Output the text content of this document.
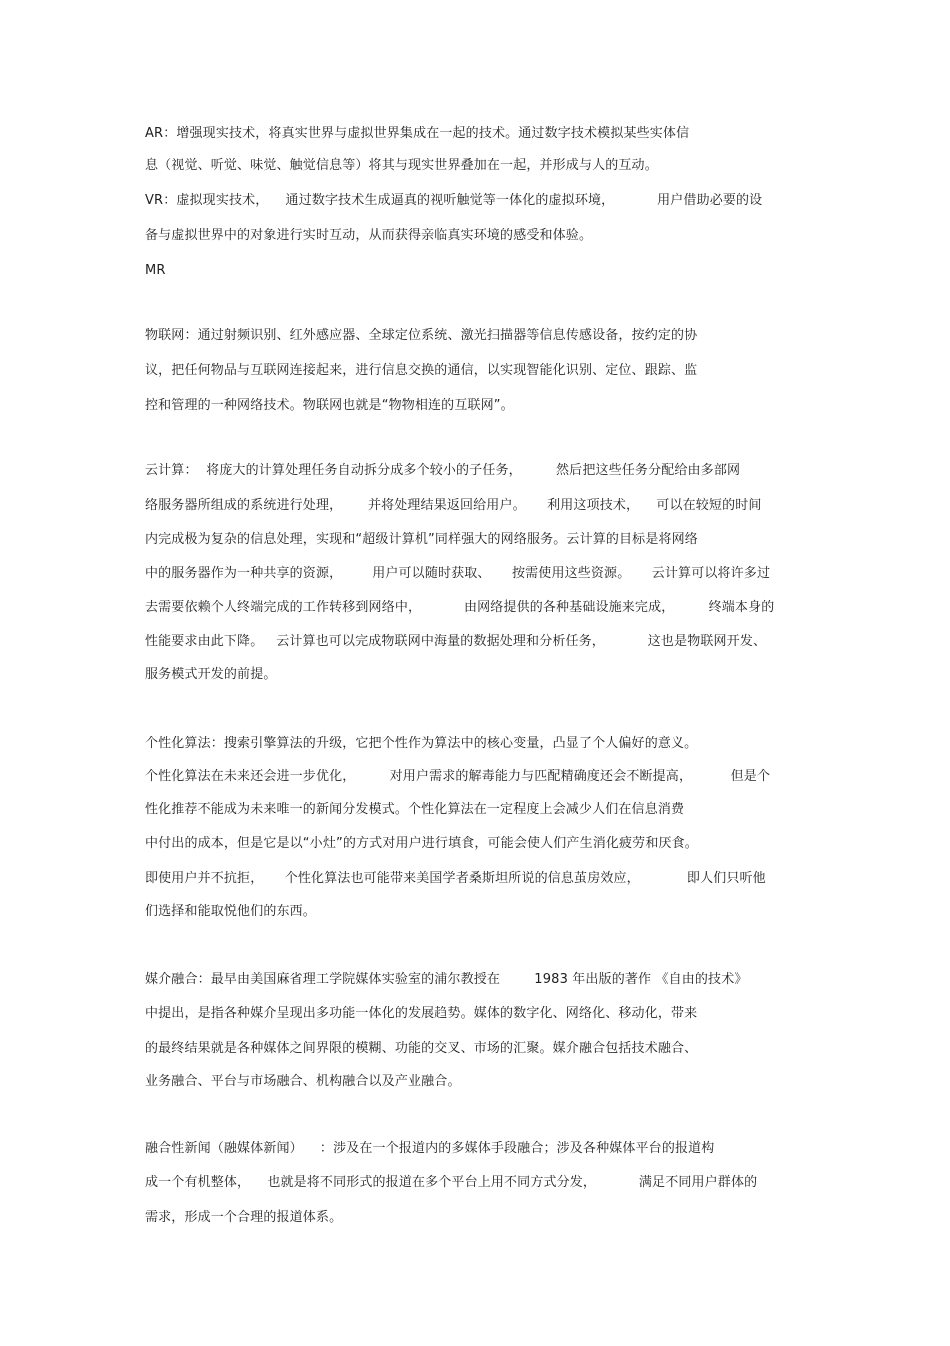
AR：增强现实技术，将真实世界与虚拟世界集成在一起的技术。通过数字技术模拟某些实体信
息（视觉、听觉、味觉、触觉信息等）将其与现实世界叠加在一起，并形成与人的互动。
VR：虚拟现实技术，    通过数字技术生成逼真的视听触觉等一体化的虚拟环境，          用户借助必要的设
备与虚拟世界中的对象进行实时互动，从而获得亲临真实环境的感受和体验。
MR
物联网：通过射频识别、红外感应器、全球定位系统、激光扫描器等信息传感设备，按约定的协
议，把任何物品与互联网连接起来，进行信息交换的通信，以实现智能化识别、定位、跟踪、监
控和管理的一种网络技术。物联网也就是“物物相连的互联网”。
云计算：  将庞大的计算处理任务自动拆分成多个较小的子任务，        然后把这些任务分配给由多部网
络服务器所组成的系统进行处理，      并将处理结果返回给用户。     利用这项技术，    可以在较短的时间
内完成极为复杂的信息处理，实现和“超级计算机”同样强大的网络服务。云计算的目标是将网络
中的服务器作为一种共享的资源，       用户可以随时获取、     按需使用这些资源。     云计算可以将许多过
去需要依赖个人终端完成的工作转移到网络中，          由网络提供的各种基础设施来完成，        终端本身的
性能要求由此下降。   云计算也可以完成物联网中海量的数据处理和分析任务，          这也是物联网开发、
服务模式开发的前提。
个性化算法：搜索引擎算法的升级，它把个性作为算法中的核心变量，凸显了个人偏好的意义。
个性化算法在未来还会进一步优化，        对用户需求的解毒能力与匹配精确度还会不断提高，         但是个
性化推荐不能成为未来唯一的新闻分发模式。个性化算法在一定程度上会减少人们在信息消费
中付出的成本，但是它是以“小灶”的方式对用户进行填食，可能会使人们产生消化疲劳和厌食。
即使用户并不抗拒，     个性化算法也可能带来美国学者桑斯坦所说的信息茧房效应，           即人们只听他
们选择和能取悦他们的东西。
媒介融合：最早由美国麻省理工学院媒体实验室的浦尔教授在        1983 年出版的著作 《自由的技术》
中提出，是指各种媒介呈现出多功能一体化的发展趋势。媒体的数字化、网络化、移动化，带来
的最终结果就是各种媒体之间界限的模糊、功能的交叉、市场的汇聚。媒介融合包括技术融合、
业务融合、平台与市场融合、机构融合以及产业融合。
融合性新闻（融媒体新闻）    ：涉及在一个报道内的多媒体手段融合；涉及各种媒体平台的报道构
成一个有机整体，    也就是将不同形式的报道在多个平台上用不同方式分发，          满足不同用户群体的
需求，形成一个合理的报道体系。
